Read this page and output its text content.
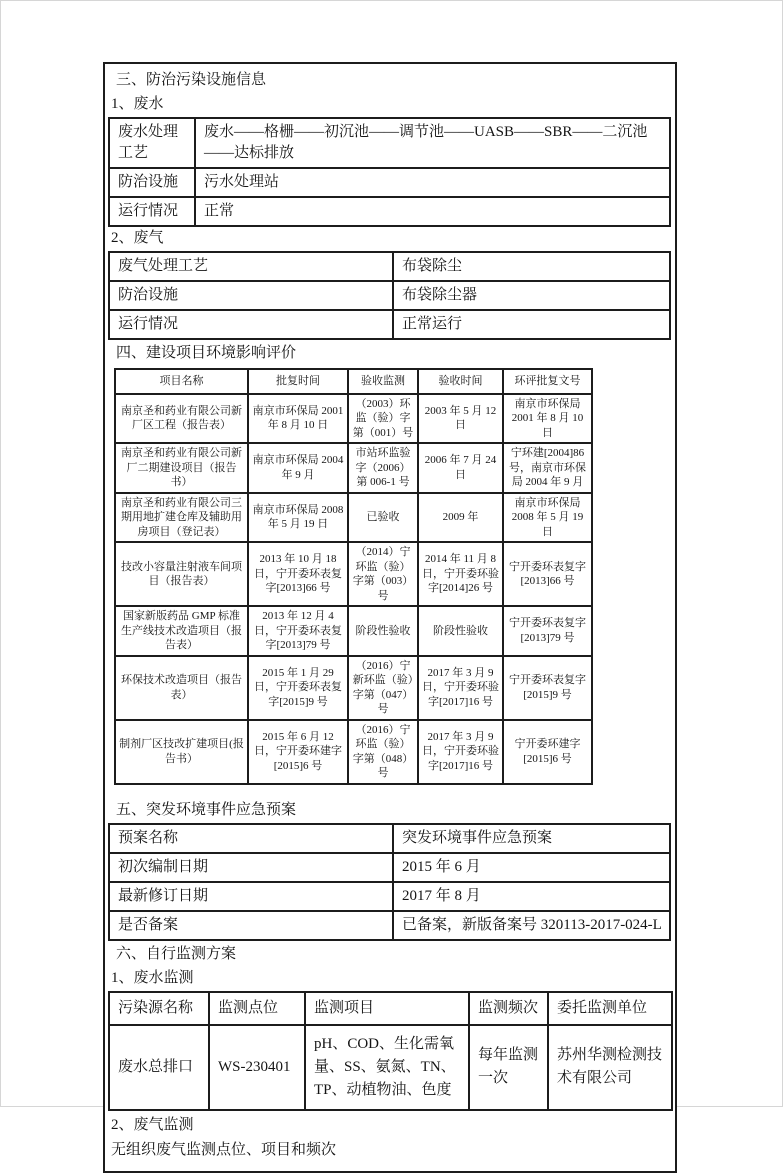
三、防治污染设施信息
1、废水
废水处理工艺	废水——格栅——初沉池——调节池——UASB——SBR——二沉池——达标排放
防治设施	污水处理站
运行情况	正常
2、废气
废气处理工艺	布袋除尘
防治设施	布袋除尘器
运行情况	正常运行
四、建设项目环境影响评价
项目名称	批复时间	验收监测	验收时间	环评批复文号
南京圣和药业有限公司新厂区工程（报告表）	南京市环保局 2001 年 8 月 10 日	（2003）环监（验）字第（001）号	2003 年 5 月 12 日	南京市环保局 2001 年 8 月 10 日
南京圣和药业有限公司新厂二期建设项目（报告书）	南京市环保局 2004 年 9 月	市站环监验字（2006）第 006-1 号	2006 年 7 月 24 日	宁环建[2004]86 号，南京市环保局 2004 年 9 月
南京圣和药业有限公司三期用地扩建仓库及辅助用房项目（登记表）	南京市环保局 2008 年 5 月 19 日	已验收	2009 年	南京市环保局 2008 年 5 月 19 日
技改小容量注射液车间项目（报告表）	2013 年 10 月 18 日，宁开委环表复字[2013]66 号	（2014）宁环监（验）字第（003）号	2014 年 11 月 8 日，宁开委环验字[2014]26 号	宁开委环表复字[2013]66 号
国家新版药品 GMP 标准生产线技术改造项目（报告表）	2013 年 12 月 4 日，宁开委环表复字[2013]79 号	阶段性验收	阶段性验收	宁开委环表复字[2013]79 号
环保技术改造项目（报告表）	2015 年 1 月 29 日，宁开委环表复字[2015]9 号	（2016）宁新环监（验）字第（047）号	2017 年 3 月 9 日，宁开委环验字[2017]16 号	宁开委环表复字[2015]9 号
制剂厂区技改扩建项目(报告书）	2015 年 6 月 12 日，宁开委环建字[2015]6 号	（2016）宁环监（验）字第（048）号	2017 年 3 月 9 日，宁开委环验字[2017]16 号	宁开委环建字[2015]6 号
五、突发环境事件应急预案
预案名称	突发环境事件应急预案
初次编制日期	2015 年 6 月
最新修订日期	2017 年 8 月
是否备案	已备案，新版备案号 320113-2017-024-L
六、自行监测方案
1、废水监测
污染源名称	监测点位	监测项目	监测频次	委托监测单位
废水总排口	WS-230401	pH、COD、生化需氧量、SS、氨氮、TN、TP、动植物油、色度	每年监测一次	苏州华测检测技术有限公司
2、废气监测
无组织废气监测点位、项目和频次
